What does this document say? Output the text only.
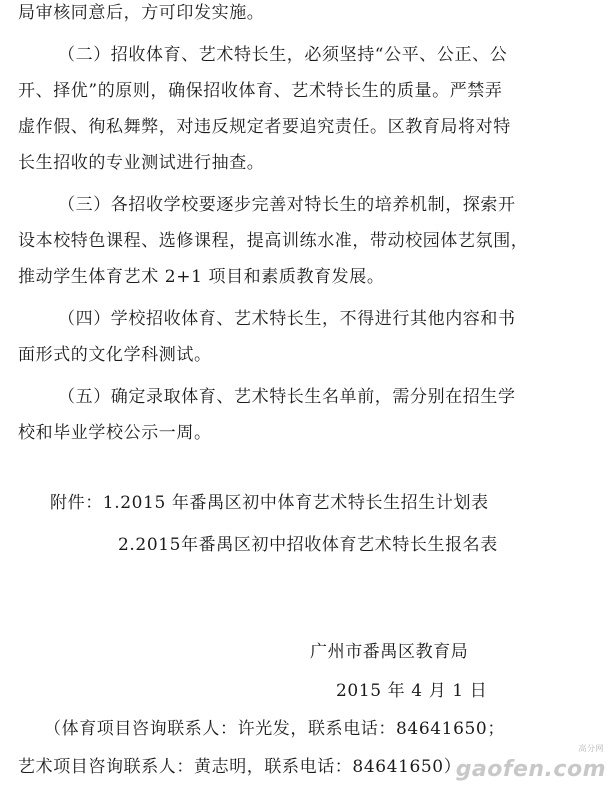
局审核同意后，方可印发实施。
（二）招收体育、艺术特长生，必须坚持“公平、公正、公
开、择优”的原则，确保招收体育、艺术特长生的质量。严禁弄
虚作假、徇私舞弊，对违反规定者要追究责任。区教育局将对特
长生招收的专业测试进行抽查。
（三）各招收学校要逐步完善对特长生的培养机制，探索开
设本校特色课程、选修课程，提高训练水准，带动校园体艺氛围，
推动学生体育艺术 2+1 项目和素质教育发展。
（四）学校招收体育、艺术特长生，不得进行其他内容和书
面形式的文化学科测试。
（五）确定录取体育、艺术特长生名单前，需分别在招生学
校和毕业学校公示一周。
附件：1.2015 年番禺区初中体育艺术特长生招生计划表
2.2015年番禺区初中招收体育艺术特长生报名表
广州市番禺区教育局
2015 年 4 月 1 日
（体育项目咨询联系人：许光发，联系电话：84641650；
艺术项目咨询联系人：黄志明，联系电话：84641650）
gaofen.com
高分网
